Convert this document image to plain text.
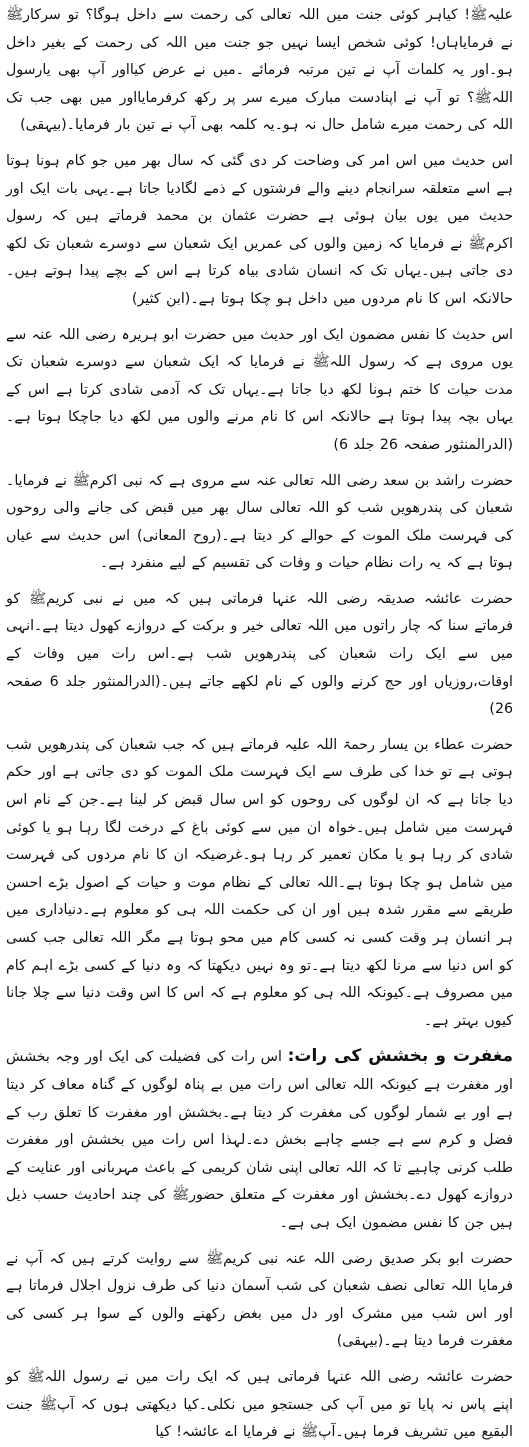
علیہﷺ! کیاہر کوئی جنت میں اللہ تعالی کی رحمت سے داخل ہوگا؟ تو سرکارﷺ نے فرمایاہاں! کوئی شخص ایسا نہیں جو جنت میں اللہ کی رحمت کے بغیر داخل ہو۔اور یہ کلمات آپ نے تین مرتبہ فرمائے ۔میں نے عرض کیااور آپ بھی یارسول اللہﷺ؟ تو آپ نے اپنادست مبارک میرے سر پر رکھ کرفرمایااور میں بھی جب تک اللہ کی رحمت میرے شامل حال نہ ہو۔یہ کلمہ بھی آپ نے تین بار فرمایا۔(بیہقی)

اس حدیث میں اس امر کی وضاحت کر دی گئی کہ سال بھر میں جو کام ہونا ہوتا ہے اسے متعلقہ سرانجام دینے والے فرشتوں کے ذمے لگادیا جاتا ہے۔یہی بات ایک اور حدیث میں یوں بیان ہوئی ہے حضرت عثمان بن محمد فرماتے ہیں کہ رسول اکرمﷺ نے فرمایا کہ زمین والوں کی عمریں ایک شعبان سے دوسرے شعبان تک لکھ دی جاتی ہیں۔یہاں تک کہ انسان شادی بیاہ کرتا ہے اس کے بچے پیدا ہوتے ہیں۔حالانکہ اس کا نام مردوں میں داخل ہو چکا ہوتا ہے۔(ابن کثیر)

اس حدیث کا نفس مضمون ایک اور حدیث میں حضرت ابو ہریرہ رضی اللہ عنہ سے یوں مروی ہے کہ رسول اللہﷺ نے فرمایا کہ ایک شعبان سے دوسرے شعبان تک مدت حیات کا ختم ہونا لکھ دیا جاتا ہے۔یہاں تک کہ آدمی شادی کرتا ہے اس کے یہاں بچہ پیدا ہوتا ہے حالانکہ اس کا نام مرنے والوں میں لکھ دیا جاچکا ہوتا ہے۔(الدرالمنثور صفحہ 26 جلد 6)

حضرت راشد بن سعد رضی اللہ تعالی عنہ سے مروی ہے کہ نبی اکرمﷺ نے فرمایا۔شعبان کی پندرھویں شب کو اللہ تعالی سال بھر میں قبض کی جانے والی روحوں کی فہرست ملک الموت کے حوالے کر دیتا ہے۔(روح المعانی) اس حدیث سے عیاں ہوتا ہے کہ یہ رات نظام حیات و وفات کی تقسیم کے لیے منفرد ہے۔

حضرت عائشہ صدیقہ رضی اللہ عنہا فرماتی ہیں کہ میں نے نبی کریمﷺ کو فرماتے سنا کہ چار راتوں میں اللہ تعالی خیر و برکت کے دروازے کھول دیتا ہے۔انہی میں سے ایک رات شعبان کی پندرھویں شب ہے۔اس رات میں وفات کے اوقات،روزیاں اور حج کرنے والوں کے نام لکھے جاتے ہیں۔(الدرالمنثور جلد 6 صفحہ 26)

حضرت عطاء بن یسار رحمۃ اللہ علیہ فرماتے ہیں کہ جب شعبان کی پندرھویں شب ہوتی ہے تو خدا کی طرف سے ایک فہرست ملک الموت کو دی جاتی ہے اور حکم دیا جاتا ہے کہ ان لوگوں کی روحوں کو اس سال قبض کر لینا ہے۔جن کے نام اس فہرست میں شامل ہیں۔خواہ ان میں سے کوئی باغ کے درخت لگا رہا ہو یا کوئی شادی کر رہا ہو یا مکان تعمیر کر رہا ہو۔غرضیکہ ان کا نام مردوں کی فہرست میں شامل ہو چکا ہوتا ہے۔اللہ تعالی کے نظام موت و حیات کے اصول بڑے احسن طریقے سے مقرر شدہ ہیں اور ان کی حکمت اللہ ہی کو معلوم ہے۔دنیاداری میں ہر انسان ہر وقت کسی نہ کسی کام میں محو ہوتا ہے مگر اللہ تعالی جب کسی کو اس دنیا سے مرنا لکھ دیتا ہے۔تو وہ نہیں دیکھتا کہ وہ دنیا کے کسی بڑے اہم کام میں مصروف ہے۔کیونکہ اللہ ہی کو معلوم ہے کہ اس کا اس وقت دنیا سے چلا جانا کیوں بہتر ہے۔

مغفرت و بخشش کی رات: اس رات کی فضیلت کی ایک اور وجہ بخشش اور مغفرت ہے کیونکہ اللہ تعالی اس رات میں بے پناہ لوگوں کے گناہ معاف کر دیتا ہے اور بے شمار لوگوں کی مغفرت کر دیتا ہے۔بخشش اور مغفرت کا تعلق رب کے فضل و کرم سے ہے جسے چاہے بخش دے۔لہذا اس رات میں بخشش اور مغفرت طلب کرنی چاہیے تا کہ اللہ تعالی اپنی شان کریمی کے باعث مہربانی اور عنایت کے دروازے کھول دے۔بخشش اور مغفرت کے متعلق حضورﷺ کی چند احادیث حسب ذیل ہیں جن کا نفس مضمون ایک ہی ہے۔

حضرت ابو بکر صدیق رضی اللہ عنہ نبی کریمﷺ سے روایت کرتے ہیں کہ آپ نے فرمایا اللہ تعالی نصف شعبان کی شب آسمان دنیا کی طرف نزول اجلال فرماتا ہے اور اس شب میں مشرک اور دل میں بغض رکھنے والوں کے سوا ہر کسی کی مغفرت فرما دیتا ہے۔(بیہقی)

حضرت عائشہ رضی اللہ عنہا فرماتی ہیں کہ ایک رات میں نے رسول اللہﷺ کو اپنے پاس نہ پایا تو میں آپ کی جستجو میں نکلی۔کیا دیکھتی ہوں کہ آپﷺ جنت البقیع میں تشریف فرما ہیں۔آپﷺ نے فرمایا اے عائشہ! کیا
